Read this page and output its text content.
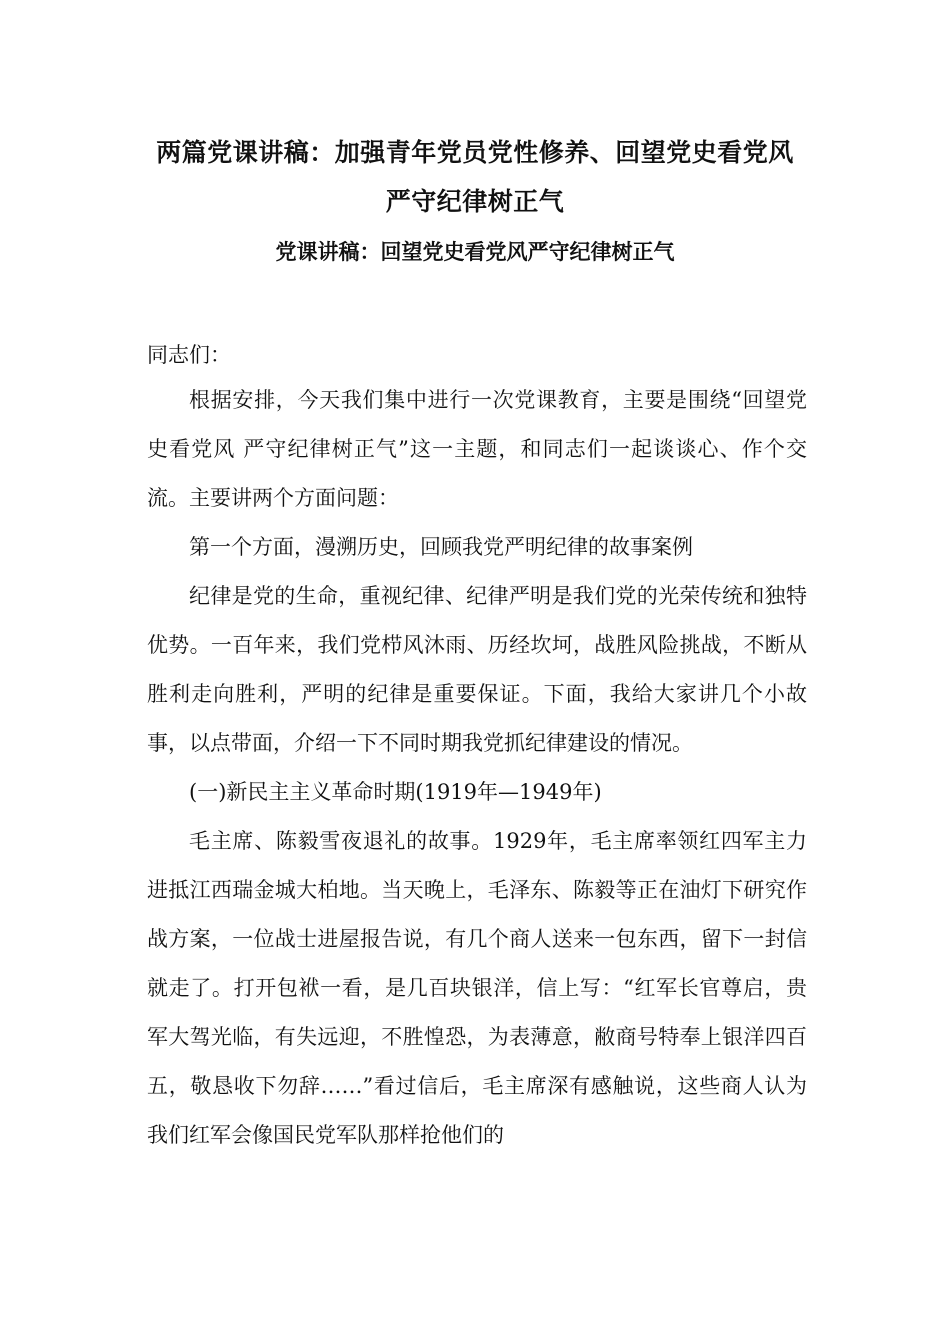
两篇党课讲稿：加强青年党员党性修养、回望党史看党风
严守纪律树正气
党课讲稿：回望党史看党风严守纪律树正气
同志们：

根据安排，今天我们集中进行一次党课教育，主要是围绕“回望党史看党风 严守纪律树正气”这一主题，和同志们一起谈谈心、作个交流。主要讲两个方面问题：

第一个方面，漫溯历史，回顾我党严明纪律的故事案例

纪律是党的生命，重视纪律、纪律严明是我们党的光荣传统和独特优势。一百年来，我们党栉风沐雨、历经坎坷，战胜风险挑战，不断从胜利走向胜利，严明的纪律是重要保证。下面，我给大家讲几个小故事，以点带面，介绍一下不同时期我党抓纪律建设的情况。

(一)新民主主义革命时期(1919年—1949年)

毛主席、陈毅雪夜退礼的故事。1929年，毛主席率领红四军主力进抵江西瑞金城大柏地。当天晚上，毛泽东、陈毅等正在油灯下研究作战方案，一位战士进屋报告说，有几个商人送来一包东西，留下一封信就走了。打开包袱一看，是几百块银洋，信上写：“红军长官尊启，贵军大驾光临，有失远迎，不胜惶恐，为表薄意，敝商号特奉上银洋四百五，敬恳收下勿辞……”看过信后，毛主席深有感触说，这些商人认为我们红军会像国民党军队那样抢他们的
